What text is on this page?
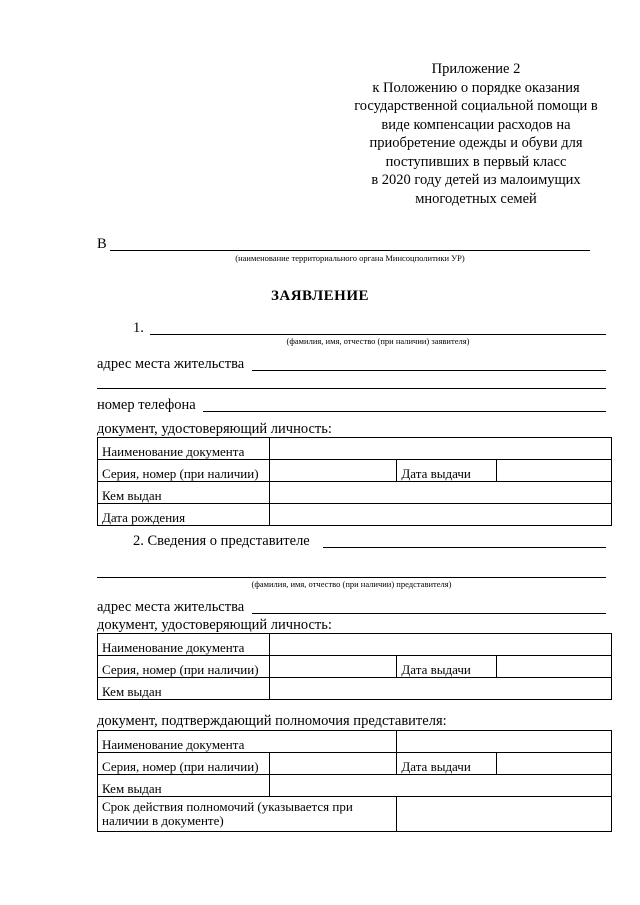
Приложение 2
к Положению о порядке оказания
государственной социальной помощи в
виде компенсации расходов на
приобретение одежды и обуви для
поступивших в первый класс
в 2020 году детей из малоимущих
многодетных семей
В
(наименование территориального органа Минсоцполитики УР)
ЗАЯВЛЕНИЕ
1.
(фамилия, имя, отчество (при наличии) заявителя)
адрес места жительства
номер телефона
документ, удостоверяющий личность:
Наименование документа			
Серия, номер (при наличии)		Дата выдачи	
Кем выдан			
Дата рождения			
2. Сведения о представителе
(фамилия, имя, отчество (при наличии) представителя)
адрес места жительства
документ, удостоверяющий личность:
Наименование документа			
Серия, номер (при наличии)		Дата выдачи	
Кем выдан			
документ, подтверждающий полномочия представителя:
Наименование документа			
Серия, номер (при наличии)		Дата выдачи	
Кем выдан			
Срок действия полномочий (указывается при наличии в документе)			
